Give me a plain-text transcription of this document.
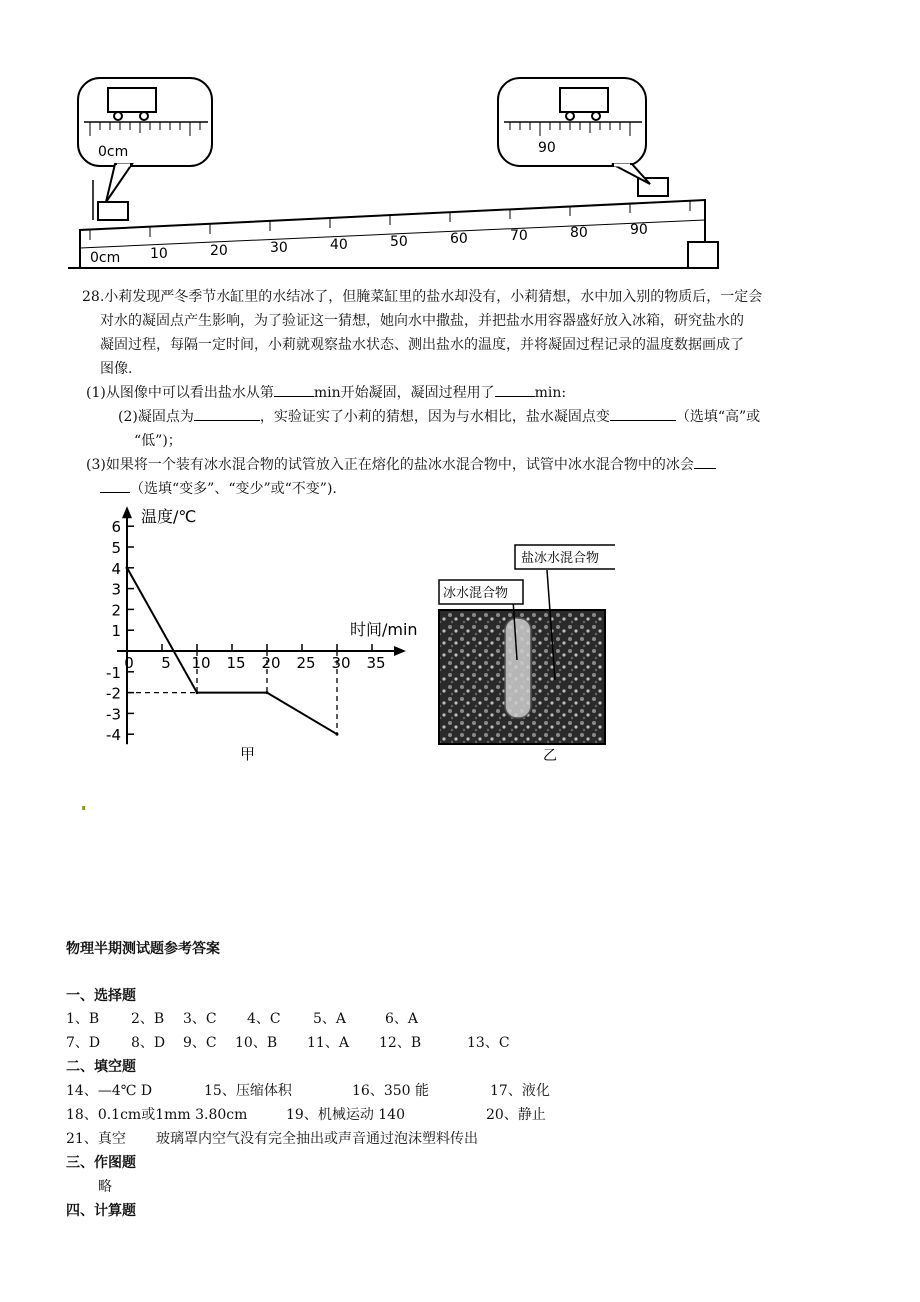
0cm 10	20	30	40	50	60	70	80	90
0cm	90
28.小莉发现严冬季节水缸里的水结冰了，但腌菜缸里的盐水却没有，小莉猜想，水中加入别的物质后，一定会
对水的凝固点产生影响，为了验证这一猜想，她向水中撒盐，并把盐水用容器盛好放入冰箱，研究盐水的
凝固过程，每隔一定时间，小莉就观察盐水状态、测出盐水的温度，并将凝固过程记录的温度数据画成了
图像.
(1)从图像中可以看出盐水从第	min开始凝固，凝固过程用了	min:
(2)凝固点为	，实验证实了小莉的猜想，因为与水相比，盐水凝固点变	（选填“高”或
“低”)；
(3)如果将一个装有冰水混合物的试管放入正在熔化的盐冰水混合物中，试管中冰水混合物中的冰会
（选填“变多”、“变少”或“不变”).
温度/℃
时间/min
6
5
4
3
2
1
-1
-2
-3
-4
0 5 10 15 20 25 30 35
甲
盐冰水混合物
冰水混合物
乙
物理半期测试题参考答案
一、选择题
1、B 2、B 3、C 4、C 5、A	6、A
7、D 8、D 9、C 10、B 11、A 12、B	13、C
二、填空题
14、—4℃ D	15、压缩体积	16、350 能	17、液化
18、0.1cm或1mm 3.80cm	19、机械运动 140	20、静止
21、真空 玻璃罩内空气没有完全抽出或声音通过泡沫塑料传出
三、作图题
略
四、计算题
